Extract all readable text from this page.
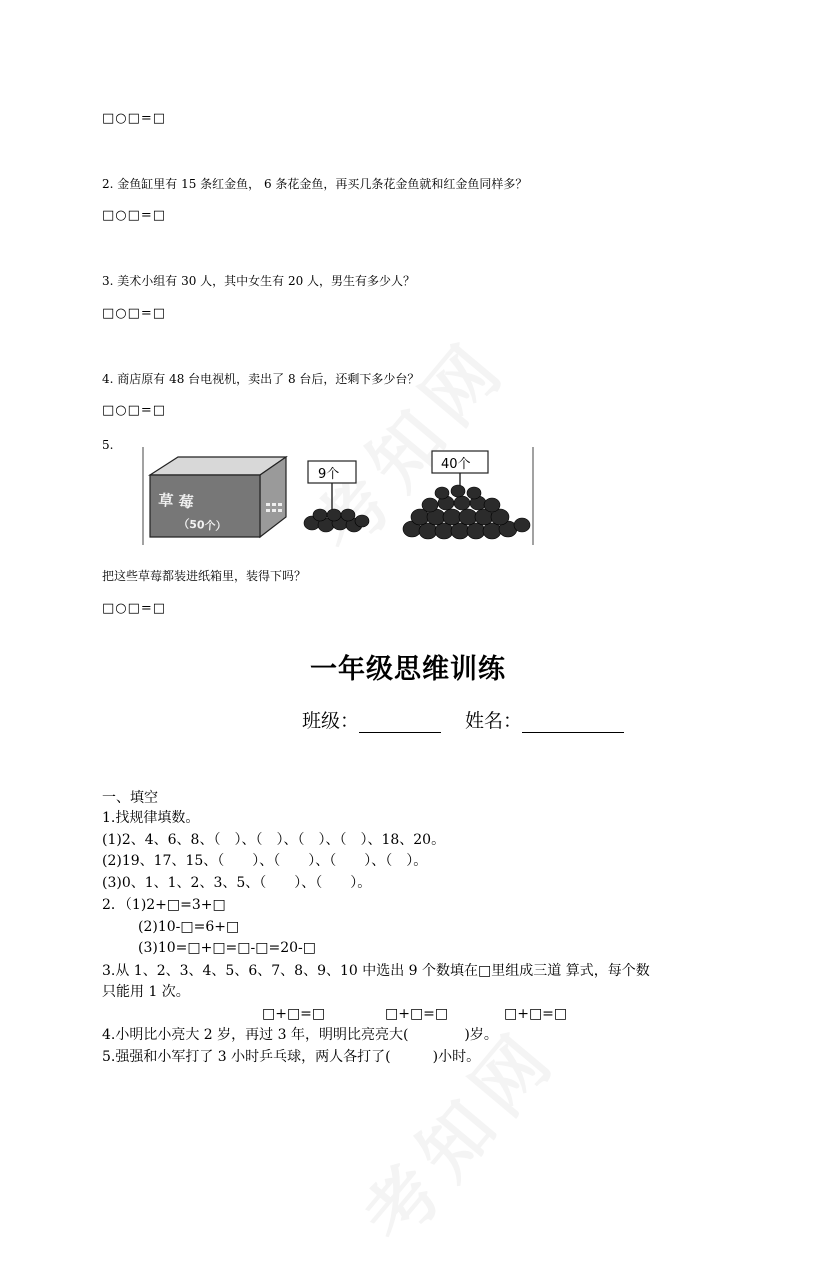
□○□=□
2. 金鱼缸里有 15 条红金鱼， 6 条花金鱼，再买几条花金鱼就和红金鱼同样多？
□○□=□
3. 美术小组有 30 人，其中女生有 20 人，男生有多少人？
□○□=□
4. 商店原有 48 台电视机，卖出了 8 台后，还剩下多少台？
□○□=□
5.
草 莓
（50个）
9个
40个
把这些草莓都装进纸箱里，装得下吗？
□○□=□
一年级思维训练
班级：	姓名：
一、填空
1.找规律填数。
(1)2、4、6、8、（　）、（　）、（　）、（　）、18、20。
(2)19、17、15、（　　）、（　　）、（　　）、（　）。
(3)0、1、1、2、3、5、（　　）、（　　）。
2．（1)2+□=3+□
(2)10-□=6+□
(3)10=□+□=□-□=20-□
3.从 1、2、3、4、5、6、7、8、9、10 中选出 9 个数填在□里组成三道 算式，每个数
只能用 1 次。
□+□=□	□+□=□	□+□=□
4.小明比小亮大 2 岁，再过 3 年，明明比亮亮大(　　　　)岁。
5.强强和小军打了 3 小时乒乓球，两人各打了(　　　)小时。
